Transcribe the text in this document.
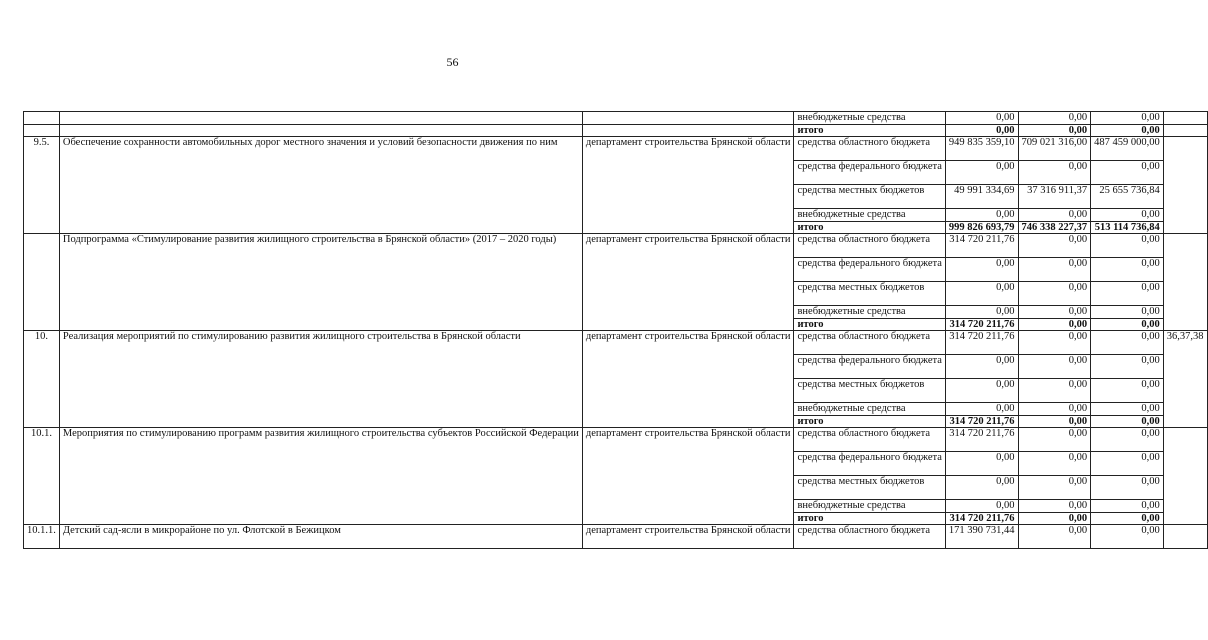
56
			внебюджетные средства	0,00	0,00	0,00	
			итого	0,00	0,00	0,00	
9.5.	Обеспечение сохранности автомобильных дорог местного значения и условий безопасности движения по ним	департамент строительства Брянской области	средства областного бюджета	949 835 359,10	709 021 316,00	487 459 000,00	
			средства федерального бюджета	0,00	0,00	0,00	
			средства местных бюджетов	49 991 334,69	37 316 911,37	25 655 736,84	
			внебюджетные средства	0,00	0,00	0,00	
			итого	999 826 693,79	746 338 227,37	513 114 736,84	
	Подпрограмма «Стимулирование развития жилищного строительства в Брянской области» (2017 – 2020 годы)	департамент строительства Брянской области	средства областного бюджета	314 720 211,76	0,00	0,00	
			средства федерального бюджета	0,00	0,00	0,00	
			средства местных бюджетов	0,00	0,00	0,00	
			внебюджетные средства	0,00	0,00	0,00	
			итого	314 720 211,76	0,00	0,00	
10.	Реализация мероприятий по стимулированию развития жилищного строительства в Брянской области	департамент строительства Брянской области	средства областного бюджета	314 720 211,76	0,00	0,00	36,37,38
			средства федерального бюджета	0,00	0,00	0,00	
			средства местных бюджетов	0,00	0,00	0,00	
			внебюджетные средства	0,00	0,00	0,00	
			итого	314 720 211,76	0,00	0,00	
10.1.	Мероприятия по стимулированию программ развития жилищного строительства субъектов Российской Федерации	департамент строительства Брянской области	средства областного бюджета	314 720 211,76	0,00	0,00	
			средства федерального бюджета	0,00	0,00	0,00	
			средства местных бюджетов	0,00	0,00	0,00	
			внебюджетные средства	0,00	0,00	0,00	
			итого	314 720 211,76	0,00	0,00	
10.1.1.	Детский сад-ясли в микрорайоне по ул. Флотской в Бежицком	департамент строительства Брянской области	средства областного бюджета	171 390 731,44	0,00	0,00	
